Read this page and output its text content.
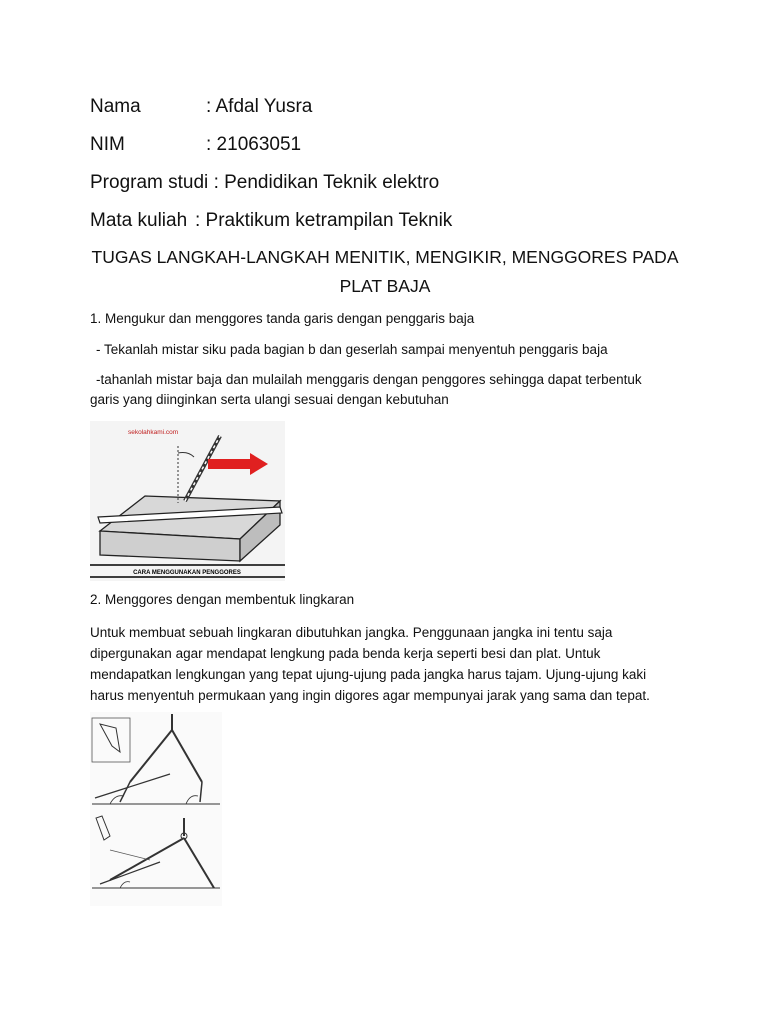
Nama	: Afdal Yusra
NIM	: 21063051
Program studi : Pendidikan Teknik elektro
Mata kuliah : Praktikum ketrampilan Teknik
TUGAS LANGKAH-LANGKAH MENITIK, MENGIKIR, MENGGORES PADA
PLAT BAJA
1. Mengukur dan menggores tanda garis dengan penggaris baja
- Tekanlah mistar siku pada bagian b dan geserlah sampai menyentuh penggaris baja
-tahanlah mistar baja dan mulailah menggaris dengan penggores sehingga dapat terbentuk
garis yang diinginkan serta ulangi sesuai dengan kebutuhan
sekolahkami.com
CARA MENGGUNAKAN PENGGORES
2. Menggores dengan membentuk lingkaran
Untuk membuat sebuah lingkaran dibutuhkan jangka. Penggunaan jangka ini tentu saja
dipergunakan agar mendapat lengkung pada benda kerja seperti besi dan plat. Untuk
mendapatkan lengkungan yang tepat ujung-ujung pada jangka harus tajam. Ujung-ujung kaki
harus menyentuh permukaan yang ingin digores agar mempunyai jarak yang sama dan tepat.
